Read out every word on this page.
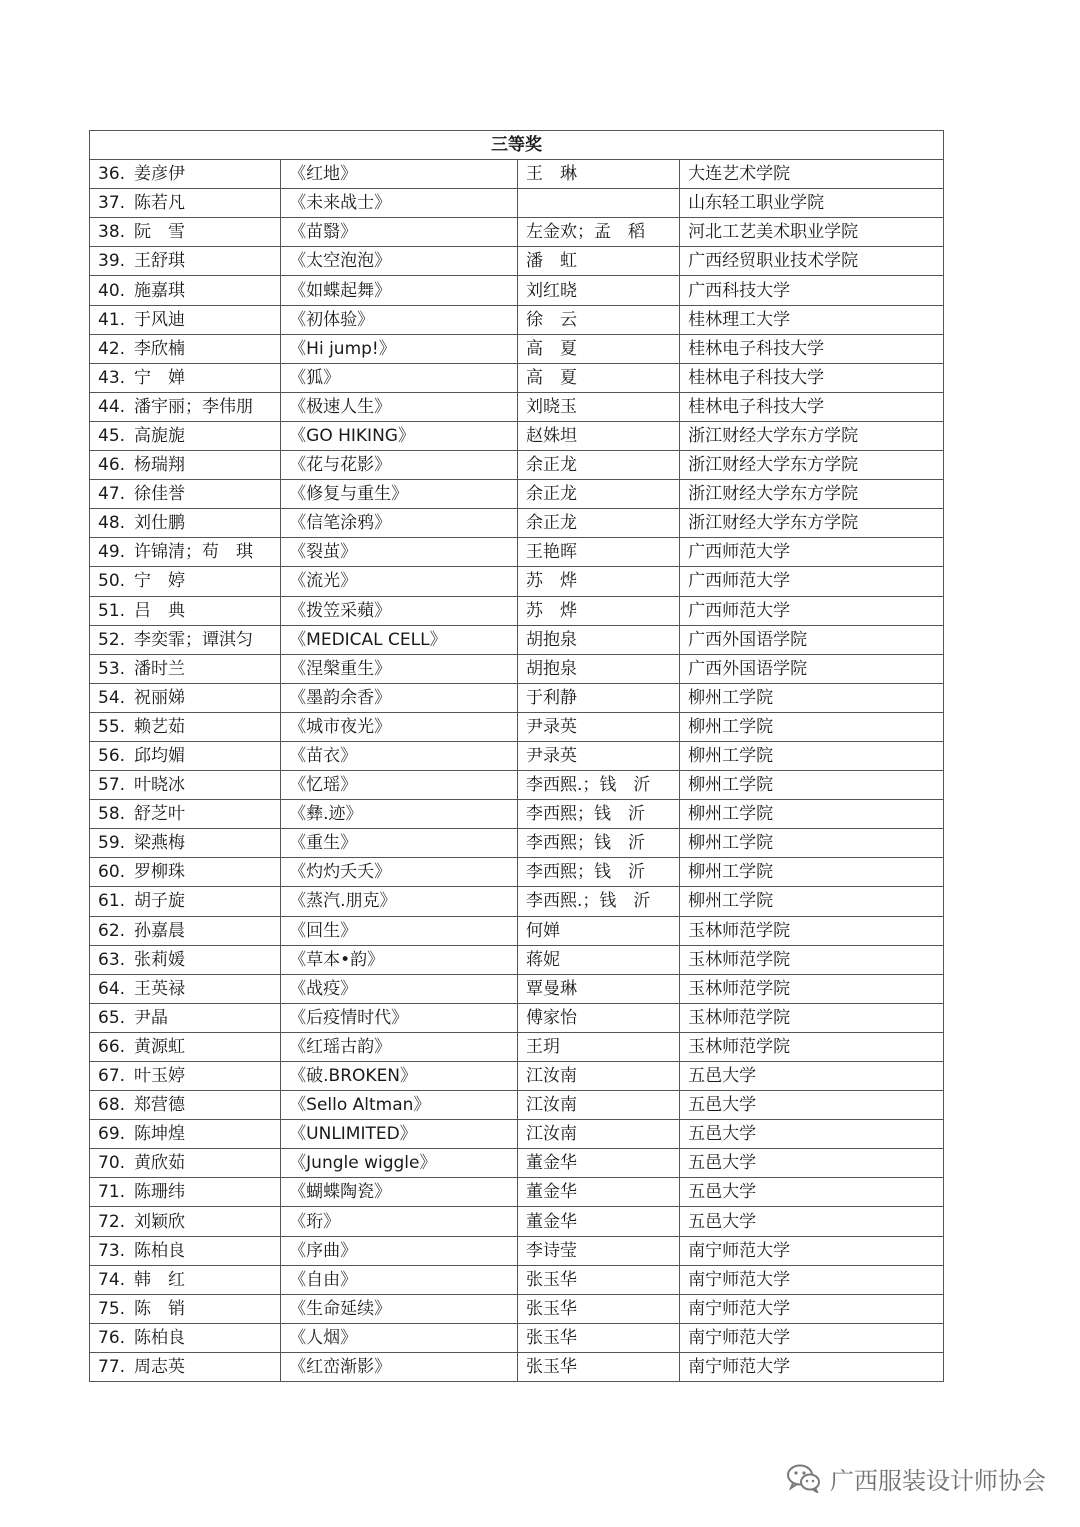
三等奖			
36. 姜彦伊	《红地》	王　琳	大连艺术学院
37. 陈若凡	《未来战士》		山东轻工职业学院
38. 阮　雪	《苗翳》	左金欢；孟　稻	河北工艺美术职业学院
39. 王舒琪	《太空泡泡》	潘　虹	广西经贸职业技术学院
40. 施嘉琪	《如蝶起舞》	刘红晓	广西科技大学
41. 于风迪	《初体验》	徐　云	桂林理工大学
42. 李欣楠	《Hi jump!》	高　夏	桂林电子科技大学
43. 宁　婵	《狐》	高　夏	桂林电子科技大学
44. 潘宇丽；李伟朋	《极速人生》	刘晓玉	桂林电子科技大学
45. 高旎旎	《GO HIKING》	赵姝坦	浙江财经大学东方学院
46. 杨瑞翔	《花与花影》	余正龙	浙江财经大学东方学院
47. 徐佳誉	《修复与重生》	余正龙	浙江财经大学东方学院
48. 刘仕鹏	《信笔涂鸦》	余正龙	浙江财经大学东方学院
49. 许锦清；苟　琪	《裂茧》	王艳晖	广西师范大学
50. 宁　婷	《流光》	苏　烨	广西师范大学
51. 吕　典	《拨笠采蘋》	苏　烨	广西师范大学
52. 李奕霏；谭淇匀	《MEDICAL CELL》	胡抱泉	广西外国语学院
53. 潘时兰	《涅槃重生》	胡抱泉	广西外国语学院
54. 祝丽娣	《墨韵余香》	于利静	柳州工学院
55. 赖艺茹	《城市夜光》	尹录英	柳州工学院
56. 邱均媚	《苗衣》	尹录英	柳州工学院
57. 叶晓冰	《忆瑶》	李西熙.；钱　沂	柳州工学院
58. 舒芝叶	《彝.迹》	李西熙；钱　沂	柳州工学院
59. 梁燕梅	《重生》	李西熙；钱　沂	柳州工学院
60. 罗柳珠	《灼灼夭夭》	李西熙；钱　沂	柳州工学院
61. 胡子旋	《蒸汽.朋克》	李西熙.；钱　沂	柳州工学院
62. 孙嘉晨	《回生》	何婵	玉林师范学院
63. 张莉媛	《草本•韵》	蒋妮	玉林师范学院
64. 王英禄	《战疫》	覃曼琳	玉林师范学院
65. 尹晶	《后疫情时代》	傅家怡	玉林师范学院
66. 黄源虹	《红瑶古韵》	王玥	玉林师范学院
67. 叶玉婷	《破.BROKEN》	江汝南	五邑大学
68. 郑营德	《Sello Altman》	江汝南	五邑大学
69. 陈坤煌	《UNLIMITED》	江汝南	五邑大学
70. 黄欣茹	《Jungle wiggle》	董金华	五邑大学
71. 陈珊纬	《蝴蝶陶瓷》	董金华	五邑大学
72. 刘颖欣	《珩》	董金华	五邑大学
73. 陈柏良	《序曲》	李诗莹	南宁师范大学
74. 韩　红	《自由》	张玉华	南宁师范大学
75. 陈　销	《生命延续》	张玉华	南宁师范大学
76. 陈柏良	《人烟》	张玉华	南宁师范大学
77. 周志英	《红峦渐影》	张玉华	南宁师范大学
广西服装设计师协会
